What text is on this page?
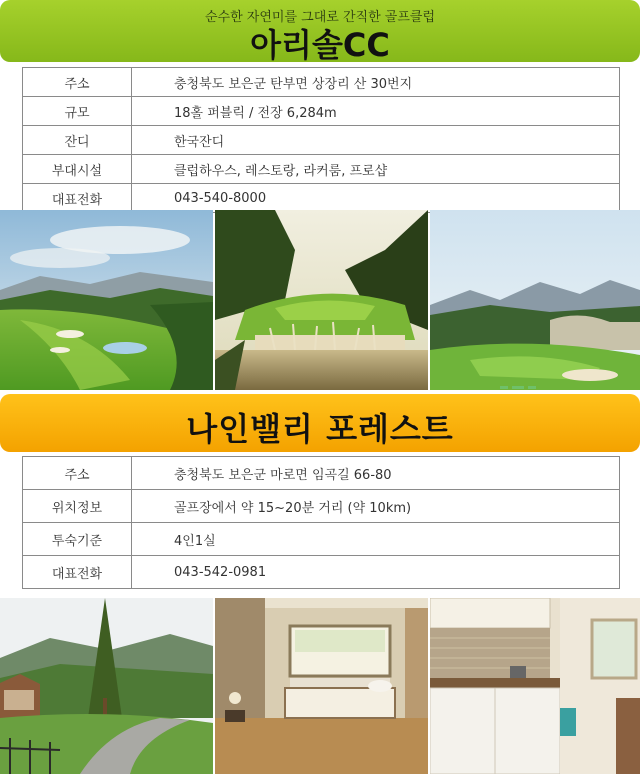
순수한 자연미를 그대로 간직한 골프클럽
아리솔CC
주소	충청북도 보은군 탄부면 상장리 산 30번지
규모	18홀 퍼블릭 / 전장 6,284m
잔디	한국잔디
부대시설	클럽하우스, 레스토랑, 라커룸, 프로샵
대표전화	043-540-8000
나인밸리 포레스트
주소	충청북도 보은군 마로면 임곡길 66-80
위치정보	골프장에서 약 15~20분 거리 (약 10km)
투숙기준	4인1실
대표전화	043-542-0981
